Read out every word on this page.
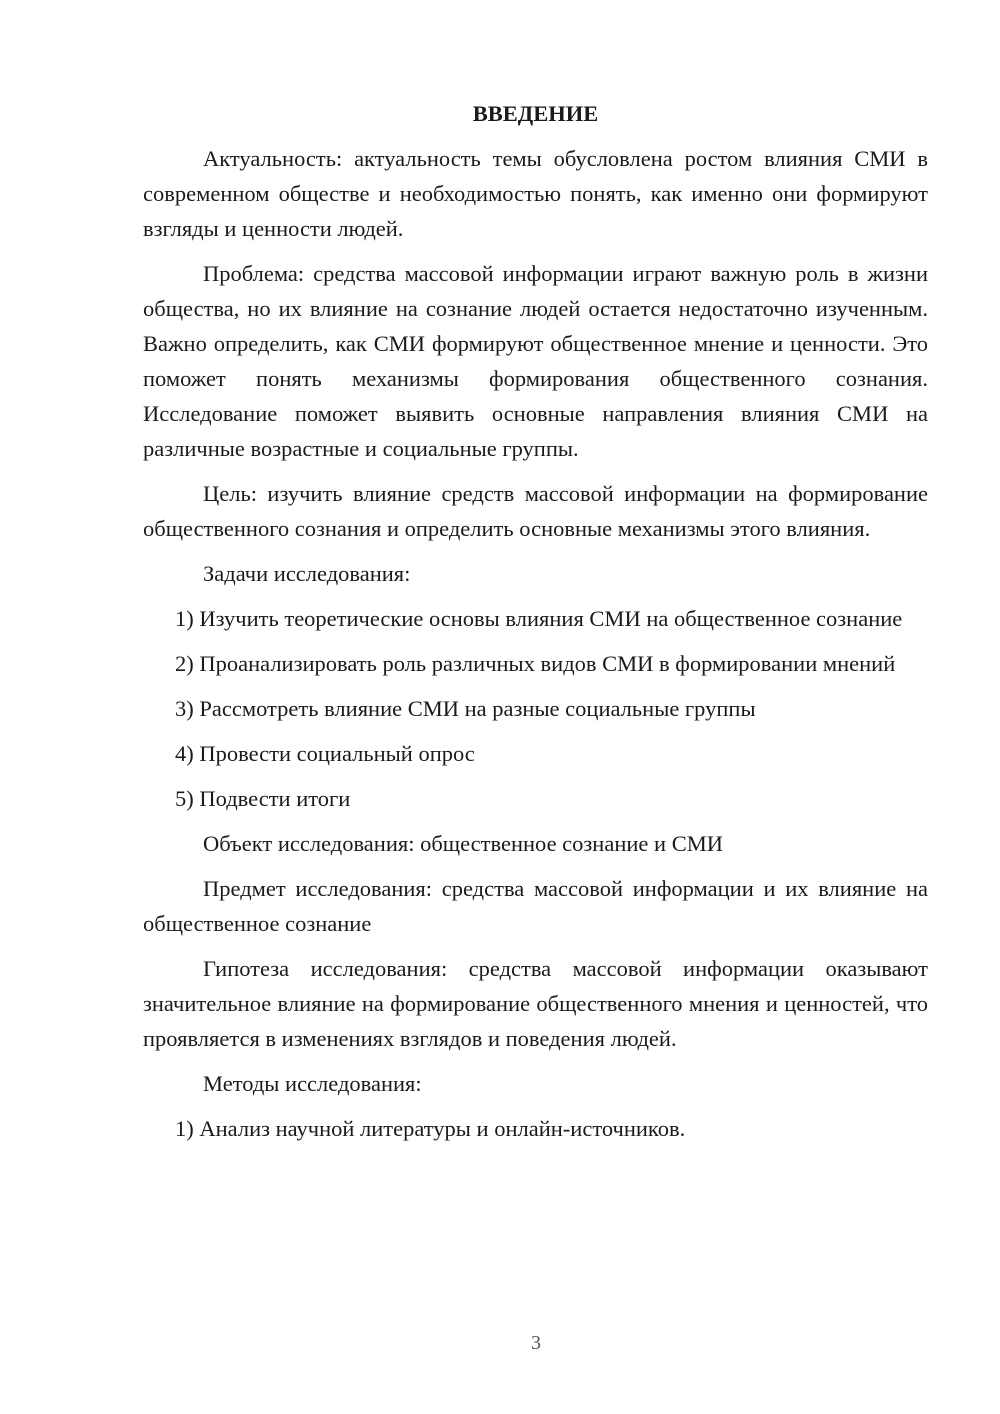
ВВЕДЕНИЕ

Актуальность: актуальность темы обусловлена ростом влияния СМИ в современном обществе и необходимостью понять, как именно они формируют взгляды и ценности людей.

Проблема: средства массовой информации играют важную роль в жизни общества, но их влияние на сознание людей остается недостаточно изученным. Важно определить, как СМИ формируют общественное мнение и ценности. Это поможет понять механизмы формирования общественного сознания. Исследование поможет выявить основные направления влияния СМИ на различные возрастные и социальные группы.

Цель: изучить влияние средств массовой информации на формирование общественного сознания и определить основные механизмы этого влияния.

Задачи исследования:

1) Изучить теоретические основы влияния СМИ на общественное сознание

2) Проанализировать роль различных видов СМИ в формировании мнений

3) Рассмотреть влияние СМИ на разные социальные группы

4) Провести социальный опрос

5) Подвести итоги

Объект исследования: общественное сознание и СМИ

Предмет исследования: средства массовой информации и их влияние на общественное сознание

Гипотеза исследования: средства массовой информации оказывают значительное влияние на формирование общественного мнения и ценностей, что проявляется в изменениях взглядов и поведения людей.

Методы исследования:

1) Анализ научной литературы и онлайн-источников.

3
